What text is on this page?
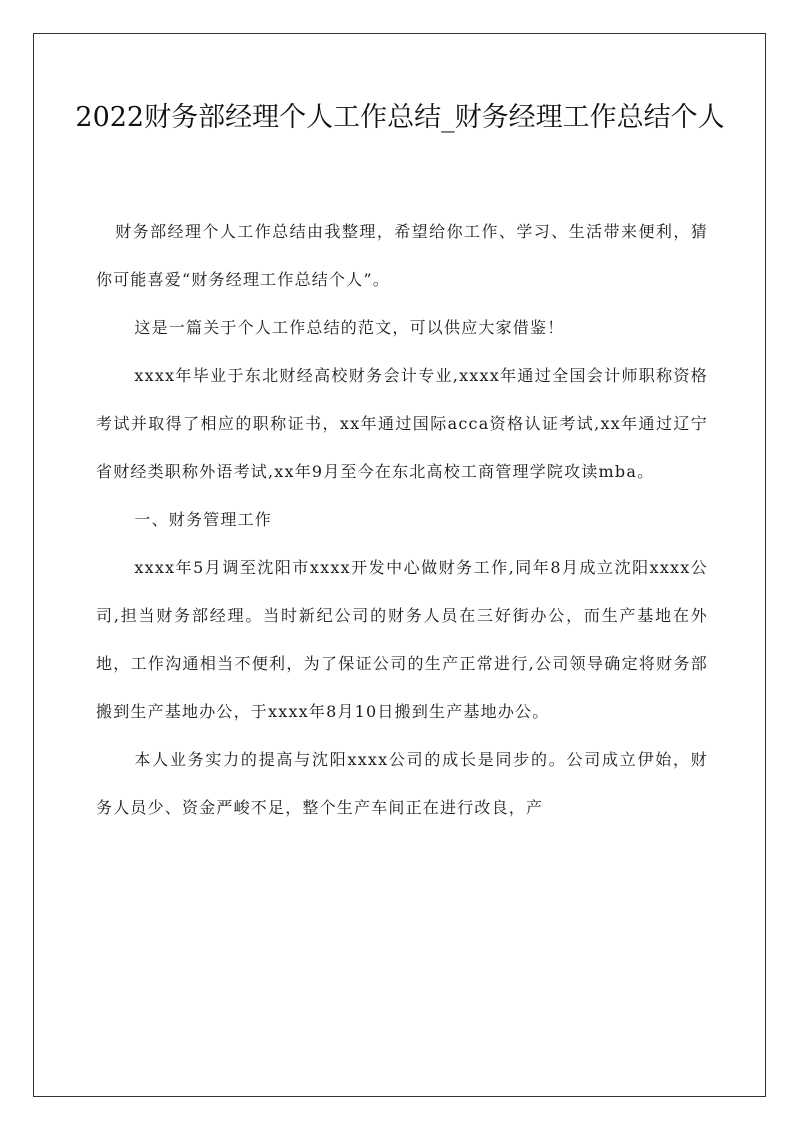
2022财务部经理个人工作总结_财务经理工作总结个人

财务部经理个人工作总结由我整理，希望给你工作、学习、生活带来便利，猜你可能喜爱“财务经理工作总结个人”。

这是一篇关于个人工作总结的范文，可以供应大家借鉴！

xxxx年毕业于东北财经高校财务会计专业,xxxx年通过全国会计师职称资格考试并取得了相应的职称证书，xx年通过国际acca资格认证考试,xx年通过辽宁省财经类职称外语考试,xx年9月至今在东北高校工商管理学院攻读mba。

一、财务管理工作

xxxx年5月调至沈阳市xxxx开发中心做财务工作,同年8月成立沈阳xxxx公司,担当财务部经理。当时新纪公司的财务人员在三好街办公，而生产基地在外地，工作沟通相当不便利，为了保证公司的生产正常进行,公司领导确定将财务部搬到生产基地办公，于xxxx年8月10日搬到生产基地办公。

本人业务实力的提高与沈阳xxxx公司的成长是同步的。公司成立伊始，财务人员少、资金严峻不足，整个生产车间正在进行改良，产
